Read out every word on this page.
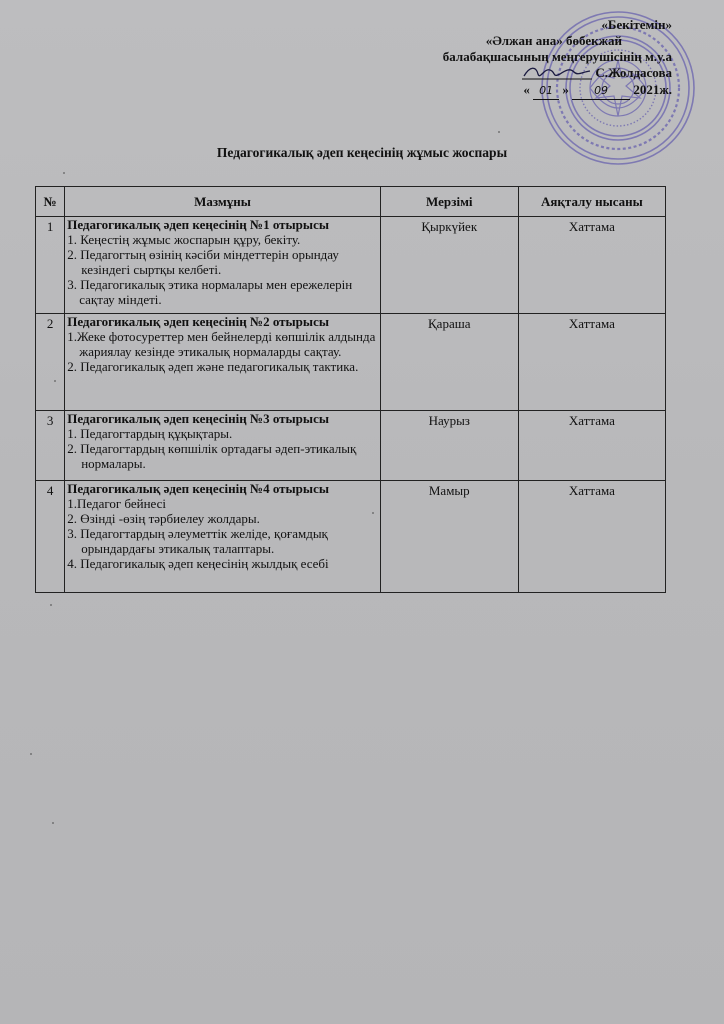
«Бекітемін»
«Әлжан ана» бөбекжай
балабақшасының меңгерушісінің м.у.а
С.Жолдасова
« 01 » 09 2021ж.
Педагогикалық әдеп кеңесінің жұмыс жоспары
№	Мазмұны	Мерзімі	Аяқталу нысаны
1	Педагогикалық әдеп кеңесінің №1 отырысы
1. Кеңестің жұмыс жоспарын құру, бекіту.
2. Педагогтың өзінің кәсіби міндеттерін орындау кезіндегі сыртқы келбеті.
3. Педагогикалық этика нормалары мен ережелерін сақтау міндеті.	Қыркүйек	Хаттама
2	Педагогикалық әдеп кеңесінің №2 отырысы
1.Жеке фотосуреттер мен бейнелерді көпшілік алдында жариялау кезінде этикалық нормаларды сақтау.
2. Педагогикалық әдеп және педагогикалық тактика.	Қараша	Хаттама
3	Педагогикалық әдеп кеңесінің №3 отырысы
1. Педагогтардың құқықтары.
2. Педагогтардың көпшілік ортадағы әдеп-этикалық нормалары.	Наурыз	Хаттама
4	Педагогикалық әдеп кеңесінің №4 отырысы
1.Педагог бейнесі
2. Өзінді -өзің тәрбиелеу жолдары.
3. Педагогтардың әлеуметтік желіде, қоғамдық орындардағы этикалық талаптары.
4. Педагогикалық әдеп кеңесінің жылдық есебі	Мамыр	Хаттама
